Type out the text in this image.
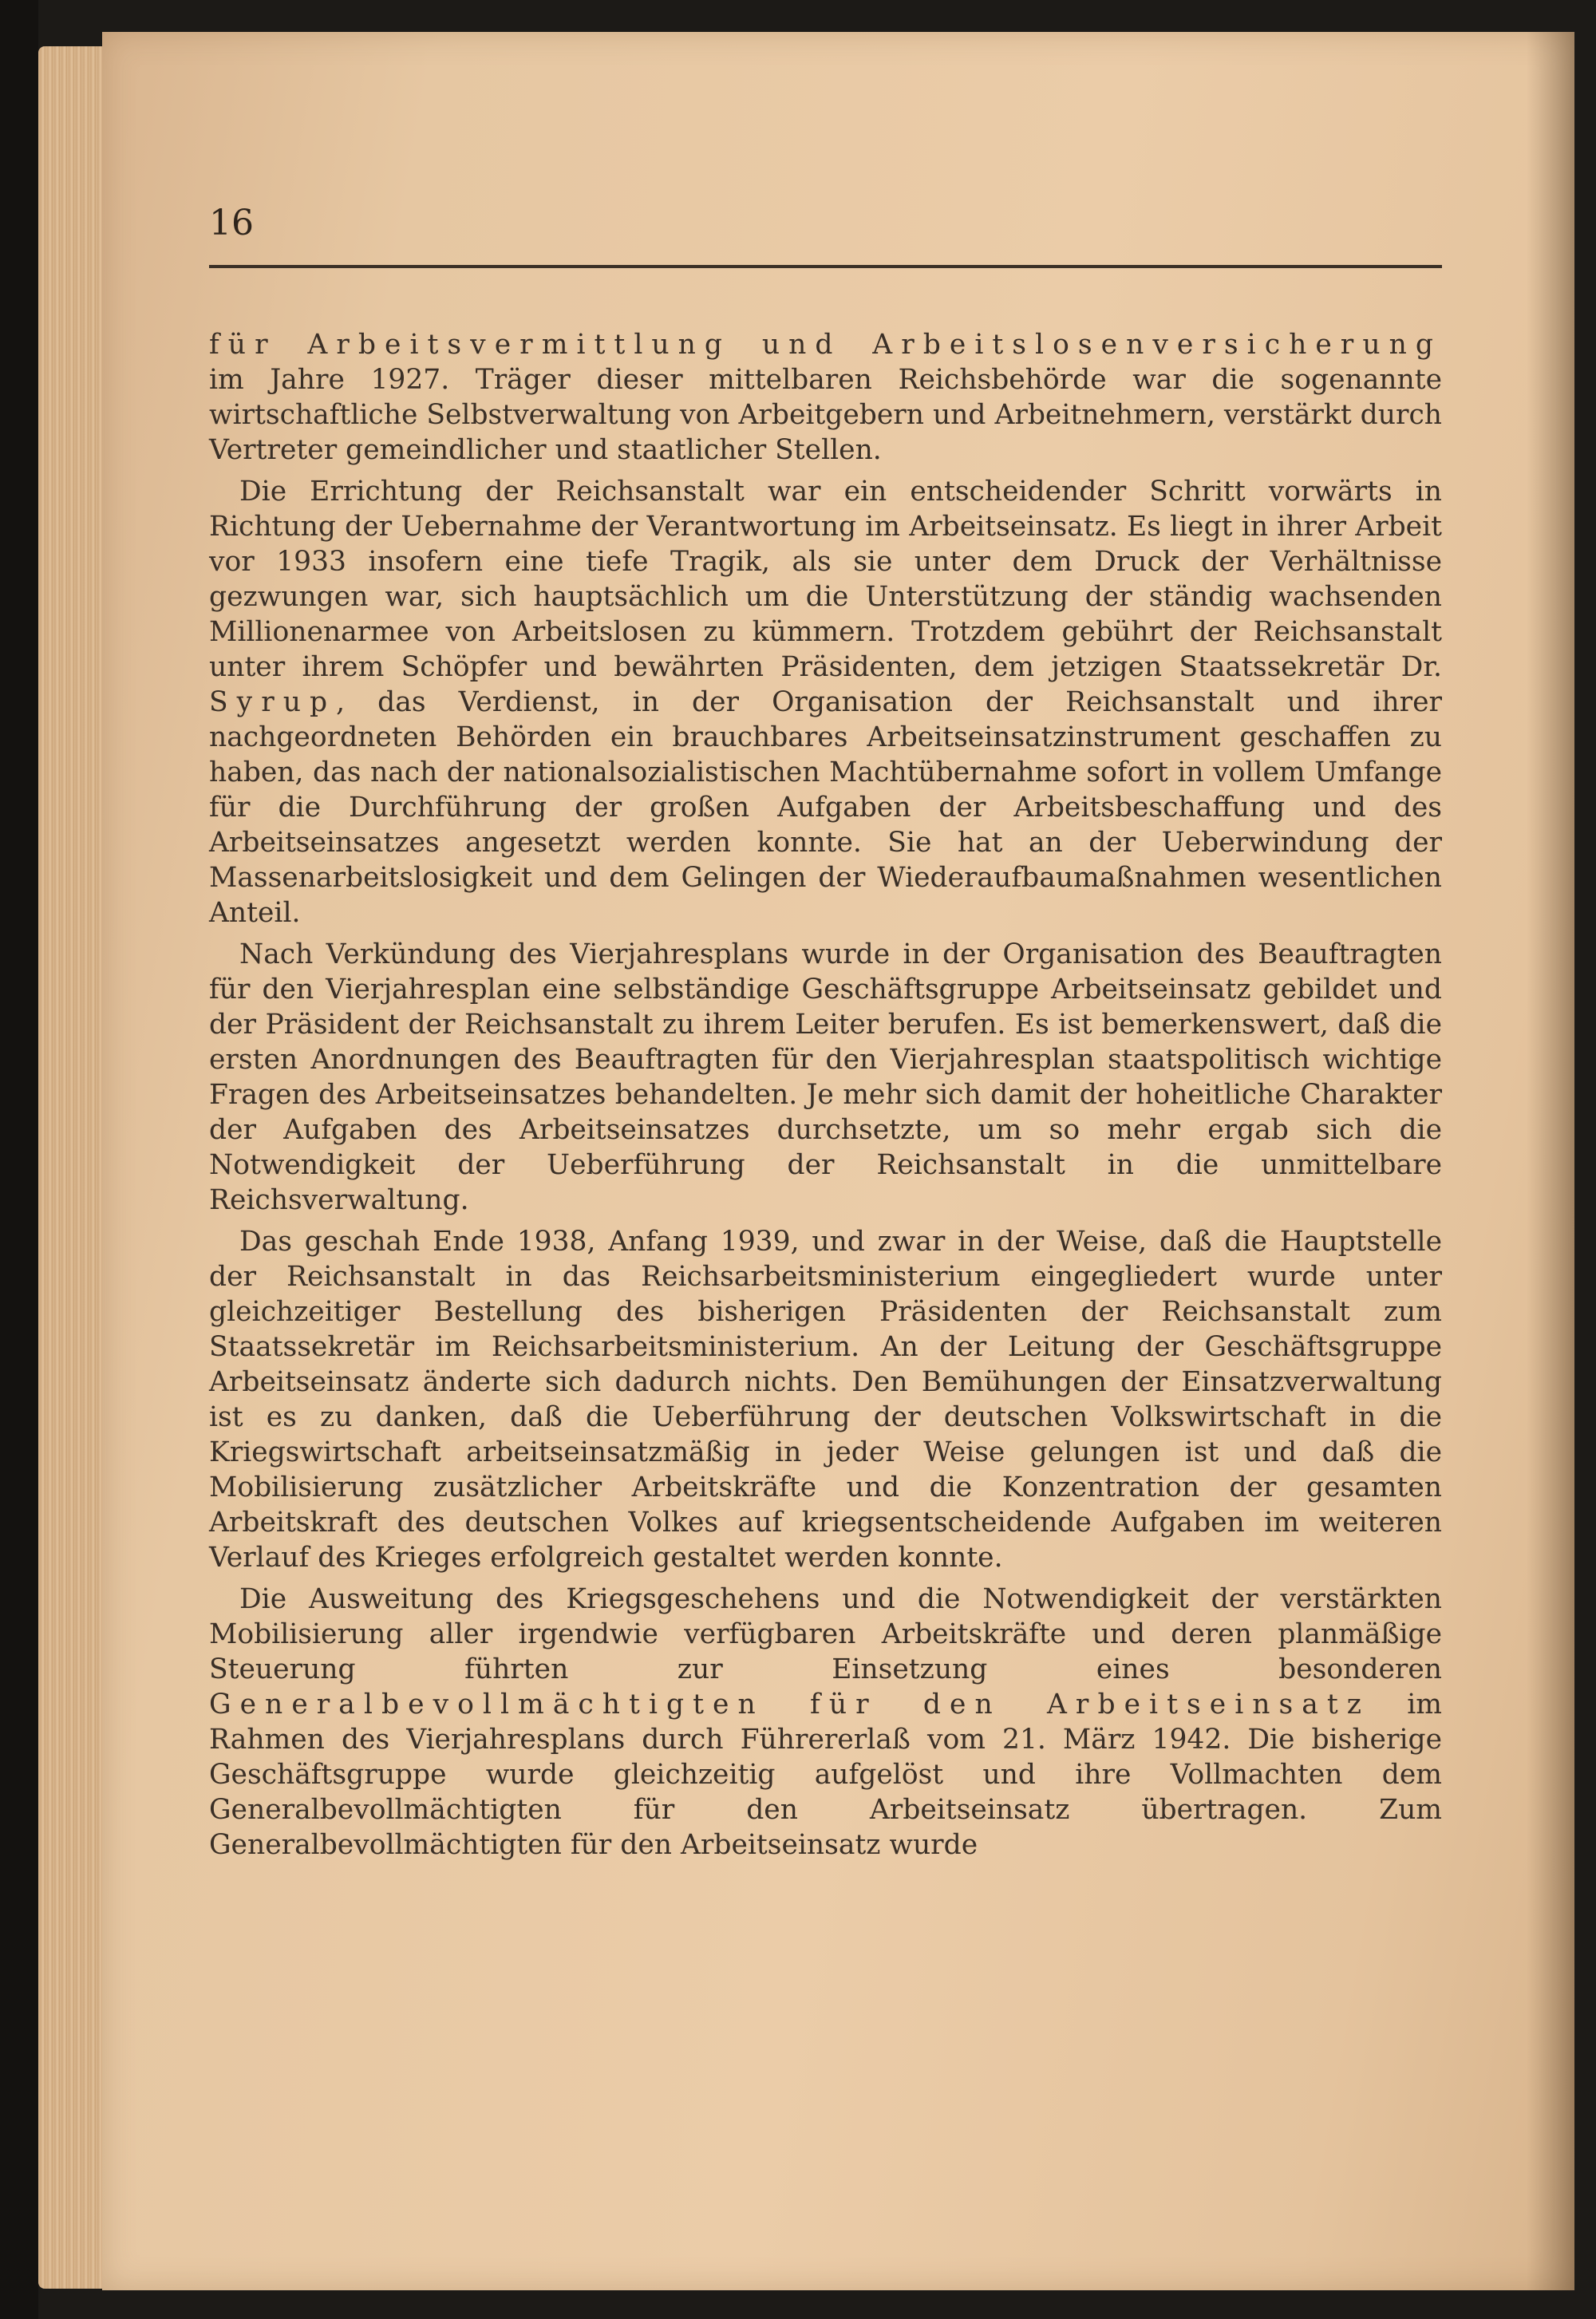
16

für Arbeitsvermittlung und Arbeitslosenversicherung im Jahre 1927. Träger dieser mittelbaren Reichsbehörde war die sogenannte wirtschaftliche Selbstverwaltung von Arbeitgebern und Arbeitnehmern, verstärkt durch Vertreter gemeindlicher und staatlicher Stellen.

Die Errichtung der Reichsanstalt war ein entscheidender Schritt vorwärts in Richtung der Uebernahme der Verantwortung im Arbeitseinsatz. Es liegt in ihrer Arbeit vor 1933 insofern eine tiefe Tragik, als sie unter dem Druck der Verhältnisse gezwungen war, sich hauptsächlich um die Unterstützung der ständig wachsenden Millionenarmee von Arbeitslosen zu kümmern. Trotzdem gebührt der Reichsanstalt unter ihrem Schöpfer und bewährten Präsidenten, dem jetzigen Staatssekretär Dr. Syrup, das Verdienst, in der Organisation der Reichsanstalt und ihrer nachgeordneten Behörden ein brauchbares Arbeitseinsatzinstrument geschaffen zu haben, das nach der nationalsozialistischen Machtübernahme sofort in vollem Umfange für die Durchführung der großen Aufgaben der Arbeitsbeschaffung und des Arbeitseinsatzes angesetzt werden konnte. Sie hat an der Ueberwindung der Massenarbeitslosigkeit und dem Gelingen der Wiederaufbaumaßnahmen wesentlichen Anteil.

Nach Verkündung des Vierjahresplans wurde in der Organisation des Beauftragten für den Vierjahresplan eine selbständige Geschäftsgruppe Arbeitseinsatz gebildet und der Präsident der Reichsanstalt zu ihrem Leiter berufen. Es ist bemerkenswert, daß die ersten Anordnungen des Beauftragten für den Vierjahresplan staatspolitisch wichtige Fragen des Arbeitseinsatzes behandelten. Je mehr sich damit der hoheitliche Charakter der Aufgaben des Arbeitseinsatzes durchsetzte, um so mehr ergab sich die Notwendigkeit der Ueberführung der Reichsanstalt in die unmittelbare Reichsverwaltung.

Das geschah Ende 1938, Anfang 1939, und zwar in der Weise, daß die Hauptstelle der Reichsanstalt in das Reichsarbeitsministerium eingegliedert wurde unter gleichzeitiger Bestellung des bisherigen Präsidenten der Reichsanstalt zum Staatssekretär im Reichsarbeitsministerium. An der Leitung der Geschäftsgruppe Arbeitseinsatz änderte sich dadurch nichts. Den Bemühungen der Einsatzverwaltung ist es zu danken, daß die Ueberführung der deutschen Volkswirtschaft in die Kriegswirtschaft arbeitseinsatzmäßig in jeder Weise gelungen ist und daß die Mobilisierung zusätzlicher Arbeitskräfte und die Konzentration der gesamten Arbeitskraft des deutschen Volkes auf kriegsentscheidende Aufgaben im weiteren Verlauf des Krieges erfolgreich gestaltet werden konnte.

Die Ausweitung des Kriegsgeschehens und die Notwendigkeit der verstärkten Mobilisierung aller irgendwie verfügbaren Arbeitskräfte und deren planmäßige Steuerung führten zur Einsetzung eines besonderen Generalbevollmächtigten für den Arbeitseinsatz im Rahmen des Vierjahresplans durch Führererlaß vom 21. März 1942. Die bisherige Geschäftsgruppe wurde gleichzeitig aufgelöst und ihre Vollmachten dem Generalbevollmächtigten für den Arbeitseinsatz übertragen. Zum Generalbevollmächtigten für den Arbeitseinsatz wurde
